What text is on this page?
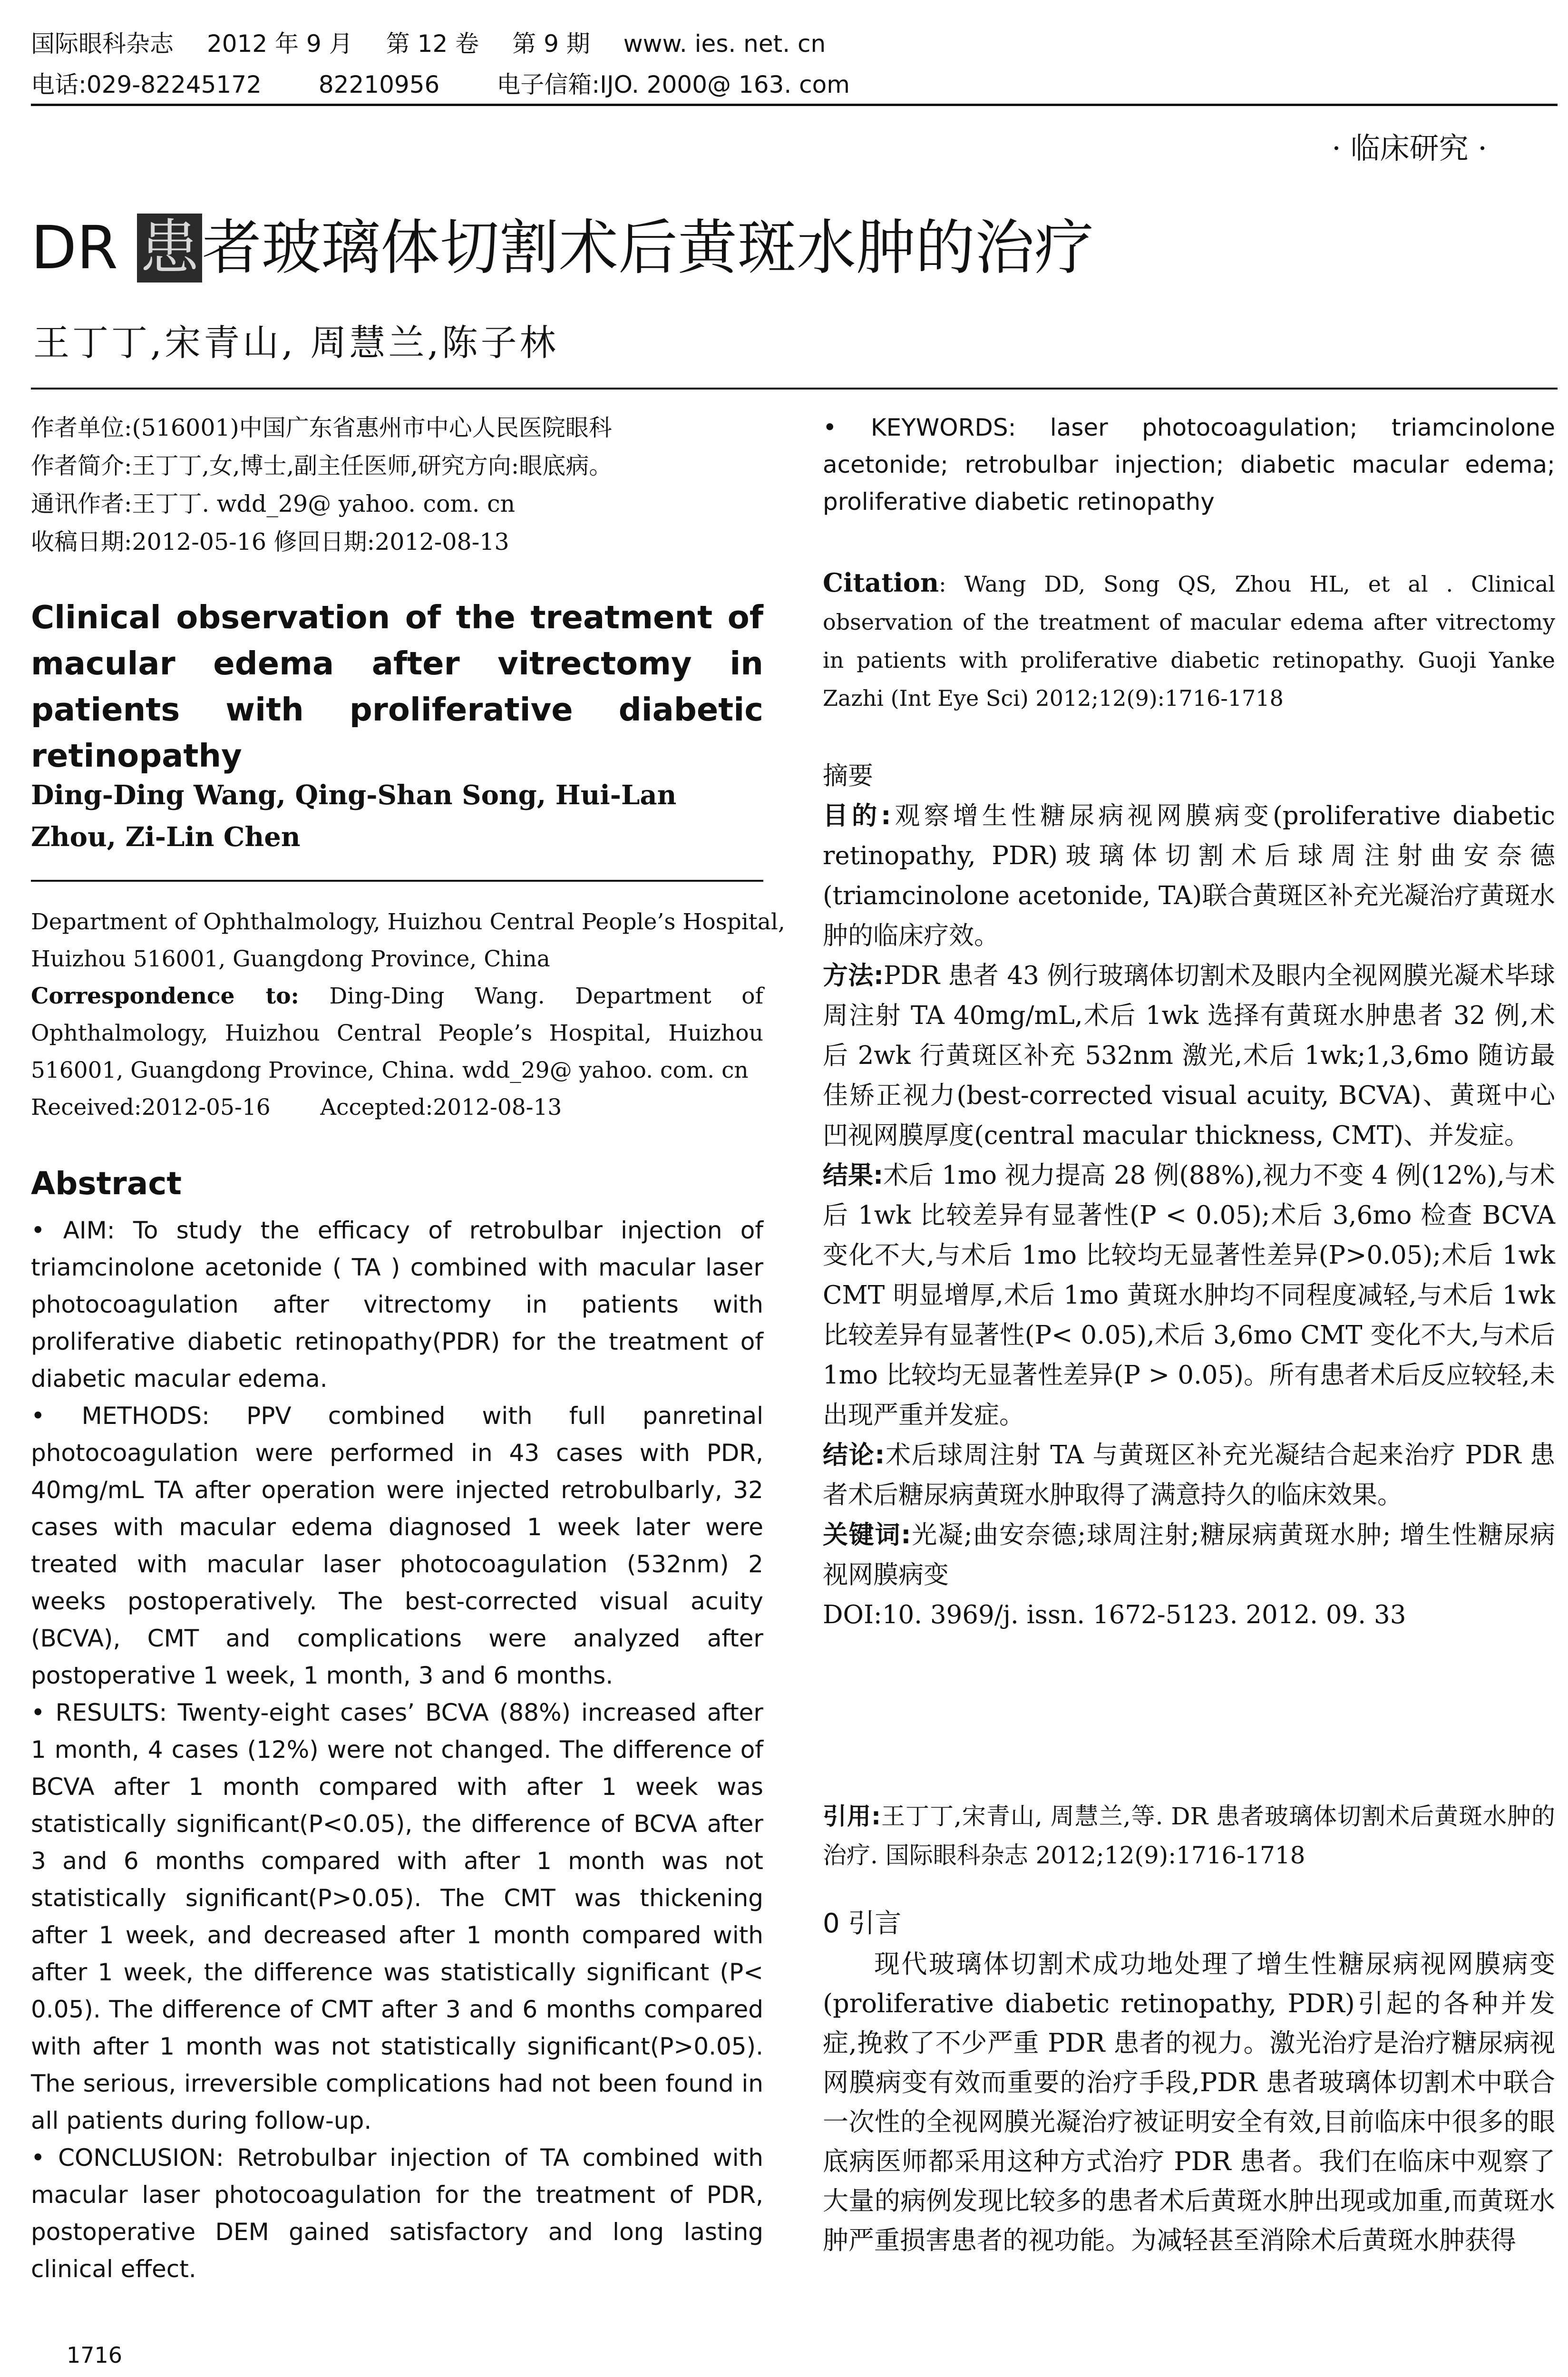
国际眼科杂志 2012 年 9 月 第 12 卷 第 9 期 www. ies. net. cn
电话:029-82245172 82210956 电子信箱:IJO. 2000@ 163. com
· 临床研究 ·
DR 患者玻璃体切割术后黄斑水肿的治疗
王丁丁,宋青山, 周慧兰,陈子林
作者单位:(516001)中国广东省惠州市中心人民医院眼科
作者简介:王丁丁,女,博士,副主任医师,研究方向:眼底病。
通讯作者:王丁丁. wdd_29@ yahoo. com. cn
收稿日期:2012-05-16 修回日期:2012-08-13
Clinical observation of the treatment of macular edema after vitrectomy in patients with proliferative diabetic retinopathy
Ding-Ding Wang, Qing-Shan Song, Hui-Lan Zhou, Zi-Lin Chen
Department of Ophthalmology, Huizhou Central People’s Hospital,
Huizhou 516001, Guangdong Province, China
Correspondence to: Ding-Ding Wang. Department of Ophthalmology, Huizhou Central People’s Hospital, Huizhou 516001, Guangdong Province, China. wdd_29@ yahoo. com. cn
Received:2012-05-16       Accepted:2012-08-13
Abstract

• AIM: To study the efficacy of retrobulbar injection of triamcinolone acetonide ( TA ) combined with macular laser photocoagulation after vitrectomy in patients with proliferative diabetic retinopathy(PDR) for the treatment of diabetic macular edema.

• METHODS: PPV combined with full panretinal photocoagulation were performed in 43 cases with PDR, 40mg/mL TA after operation were injected retrobulbarly, 32 cases with macular edema diagnosed 1 week later were treated with macular laser photocoagulation (532nm) 2 weeks postoperatively. The best-corrected visual acuity (BCVA), CMT and complications were analyzed after postoperative 1 week, 1 month, 3 and 6 months.

• RESULTS: Twenty-eight cases’ BCVA (88%) increased after 1 month, 4 cases (12%) were not changed. The difference of BCVA after 1 month compared with after 1 week was statistically significant(P<0.05), the difference of BCVA after 3 and 6 months compared with after 1 month was not statistically significant(P>0.05). The CMT was thickening after 1 week, and decreased after 1 month compared with after 1 week, the difference was statistically significant (P< 0.05). The difference of CMT after 3 and 6 months compared with after 1 month was not statistically significant(P>0.05). The serious, irreversible complications had not been found in all patients during follow-up.

• CONCLUSION: Retrobulbar injection of TA combined with macular laser photocoagulation for the treatment of PDR, postoperative DEM gained satisfactory and long lasting clinical effect.

1716
• KEYWORDS: laser photocoagulation; triamcinolone acetonide; retrobulbar injection; diabetic macular edema; proliferative diabetic retinopathy
Citation: Wang DD, Song QS, Zhou HL, et al . Clinical observation of the treatment of macular edema after vitrectomy in patients with proliferative diabetic retinopathy. Guoji Yanke Zazhi (Int Eye Sci) 2012;12(9):1716-1718

摘要

目的:观察增生性糖尿病视网膜病变(proliferative diabetic retinopathy, PDR)玻璃体切割术后球周注射曲安奈德(triamcinolone acetonide, TA)联合黄斑区补充光凝治疗黄斑水肿的临床疗效。

方法:PDR 患者 43 例行玻璃体切割术及眼内全视网膜光凝术毕球周注射 TA 40mg/mL,术后 1wk 选择有黄斑水肿患者 32 例,术后 2wk 行黄斑区补充 532nm 激光,术后 1wk;1,3,6mo 随访最佳矫正视力(best-corrected visual acuity, BCVA)、黄斑中心凹视网膜厚度(central macular thickness, CMT)、并发症。

结果:术后 1mo 视力提高 28 例(88%),视力不变 4 例(12%),与术后 1wk 比较差异有显著性(P < 0.05);术后 3,6mo 检查 BCVA 变化不大,与术后 1mo 比较均无显著性差异(P>0.05);术后 1wk CMT 明显增厚,术后 1mo 黄斑水肿均不同程度减轻,与术后 1wk 比较差异有显著性(P< 0.05),术后 3,6mo CMT 变化不大,与术后 1mo 比较均无显著性差异(P > 0.05)。所有患者术后反应较轻,未出现严重并发症。

结论:术后球周注射 TA 与黄斑区补充光凝结合起来治疗 PDR 患者术后糖尿病黄斑水肿取得了满意持久的临床效果。

关键词:光凝;曲安奈德;球周注射;糖尿病黄斑水肿; 增生性糖尿病视网膜病变

DOI:10. 3969/j. issn. 1672-5123. 2012. 09. 33

引用:王丁丁,宋青山, 周慧兰,等. DR 患者玻璃体切割术后黄斑水肿的治疗. 国际眼科杂志 2012;12(9):1716-1718
0 引言
现代玻璃体切割术成功地处理了增生性糖尿病视网膜病变(proliferative diabetic retinopathy, PDR)引起的各种并发症,挽救了不少严重 PDR 患者的视力。激光治疗是治疗糖尿病视网膜病变有效而重要的治疗手段,PDR 患者玻璃体切割术中联合一次性的全视网膜光凝治疗被证明安全有效,目前临床中很多的眼底病医师都采用这种方式治疗 PDR 患者。我们在临床中观察了大量的病例发现比较多的患者术后黄斑水肿出现或加重,而黄斑水肿严重损害患者的视功能。为减轻甚至消除术后黄斑水肿获得
